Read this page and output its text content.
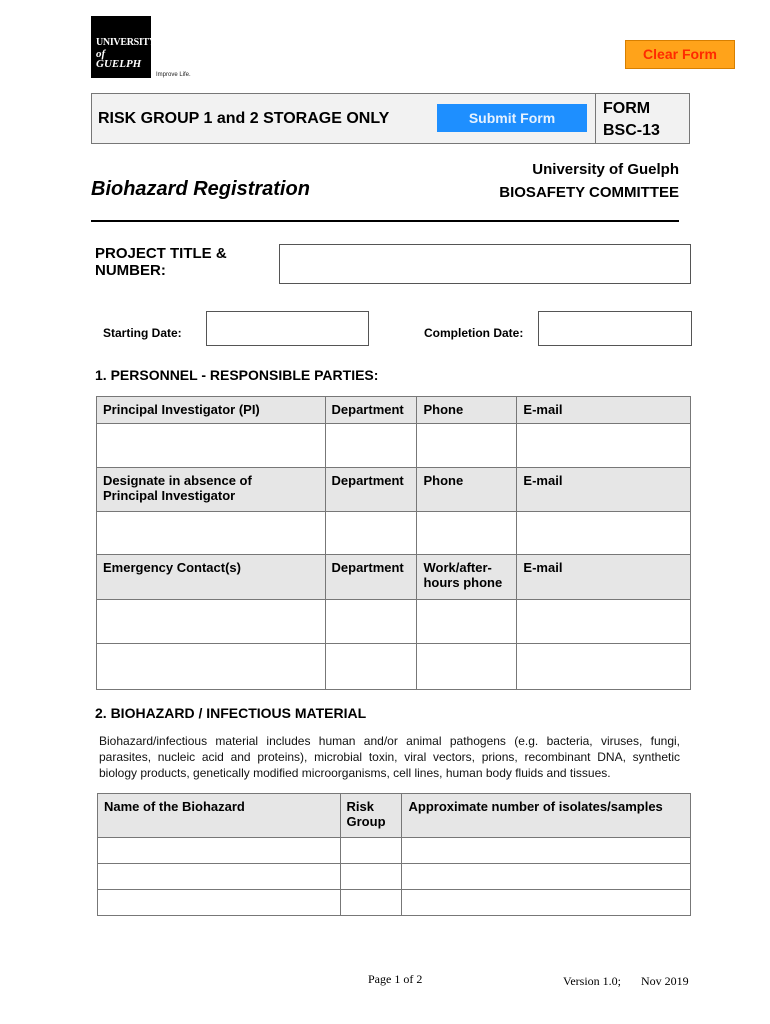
UNIVERSITY
of GUELPH
Improve Life.
Clear Form
RISK GROUP 1 and 2 STORAGE ONLY	Submit Form
FORM
BSC-13
Biohazard Registration
University of Guelph
BIOSAFETY COMMITTEE
PROJECT TITLE &
NUMBER:
Starting Date:	Completion Date:
1. PERSONNEL - RESPONSIBLE PARTIES:
Principal Investigator (PI)	Department	Phone	E-mail

Designate in absence of
Principal Investigator	Department	Phone	E-mail

Emergency Contact(s)	Department	Work/after-
hours phone	E-mail

2. BIOHAZARD / INFECTIOUS MATERIAL
Biohazard/infectious material includes human and/or animal pathogens (e.g. bacteria, viruses, fungi, parasites, nucleic acid and proteins), microbial toxin, viral vectors, prions, recombinant DNA, synthetic biology products, genetically modified microorganisms, cell lines, human body fluids and tissues.
Name of the Biohazard	Risk
Group	Approximate number of isolates/samples

Page 1 of 2	Version 1.0; Nov 2019
